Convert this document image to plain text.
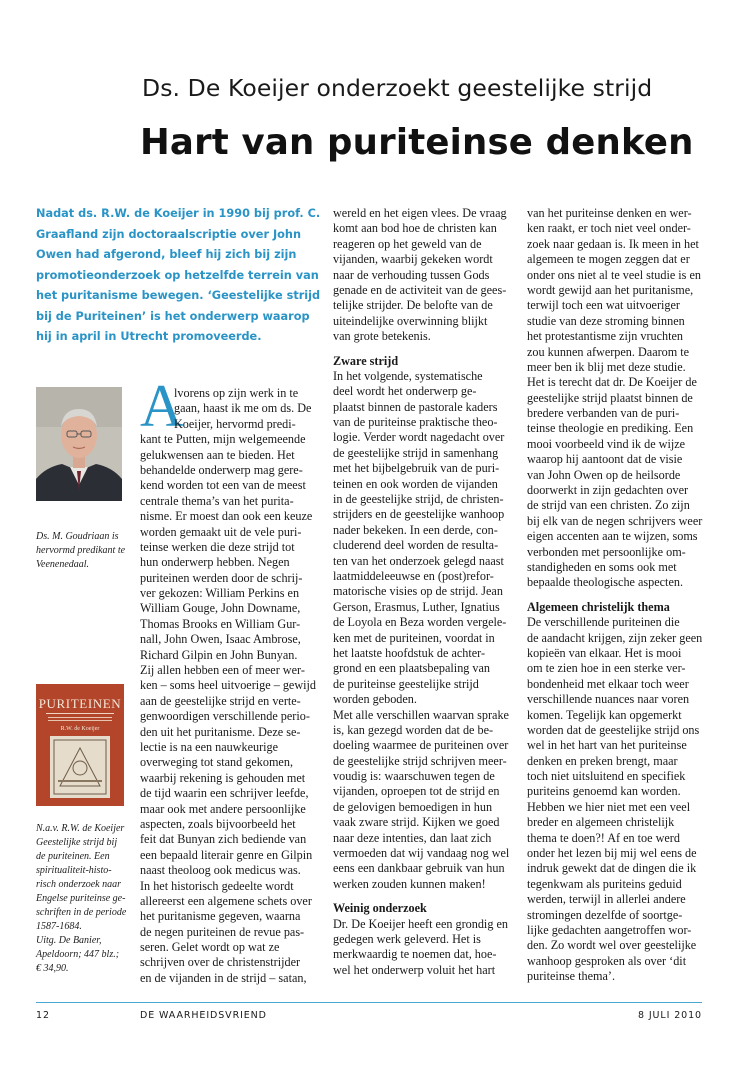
Ds. De Koeijer onderzoekt geestelijke strijd
Hart van puriteinse denken
Nadat ds. R.W. de Koeijer in 1990 bij prof. C.
Graafland zijn doctoraalscriptie over John
Owen had afgerond, bleef hij zich bij zijn
promotieonderzoek op hetzelfde terrein van
het puritanisme bewegen. ‘Geestelijke strijd
bij de Puriteinen’ is het onderwerp waarop
hij in april in Utrecht promoveerde.
Ds. M. Goudriaan is
hervormd predikant te
Veenenedaal.
PURITEINEN
R.W. de Koeijer
N.a.v. R.W. de Koeijer
Geestelijke strijd bij
de puriteinen. Een
spiritualiteit-histo-
risch onderzoek naar
Engelse puriteinse ge-
schriften in de periode
1587-1684.
Uitg. De Banier,
Apeldoorn; 447 blz.;
€ 34,90.
A
lvorens op zijn werk in te
gaan, haast ik me om ds. De
Koeijer, hervormd predi-
kant te Putten, mijn welgemeende
gelukwensen aan te bieden. Het
behandelde onderwerp mag gere-
kend worden tot een van de meest
centrale thema’s van het purita-
nisme. Er moest dan ook een keuze
worden gemaakt uit de vele puri-
teinse werken die deze strijd tot
hun onderwerp hebben. Negen
puriteinen werden door de schrij-
ver gekozen: William Perkins en
William Gouge, John Downame,
Thomas Brooks en William Gur-
nall, John Owen, Isaac Ambrose,
Richard Gilpin en John Bunyan.
Zij allen hebben een of meer wer-
ken – soms heel uitvoerige – gewijd
aan de geestelijke strijd en verte-
genwoordigen verschillende perio-
den uit het puritanisme. Deze se-
lectie is na een nauwkeurige
overweging tot stand gekomen,
waarbij rekening is gehouden met
de tijd waarin een schrijver leefde,
maar ook met andere persoonlijke
aspecten, zoals bijvoorbeeld het
feit dat Bunyan zich bediende van
een bepaald literair genre en Gilpin
naast theoloog ook medicus was.
In het historisch gedeelte wordt
allereerst een algemene schets over
het puritanisme gegeven, waarna
de negen puriteinen de revue pas-
seren. Gelet wordt op wat ze
schrijven over de christenstrijder
en de vijanden in de strijd – satan,
wereld en het eigen vlees. De vraag
komt aan bod hoe de christen kan
reageren op het geweld van de
vijanden, waarbij gekeken wordt
naar de verhouding tussen Gods
genade en de activiteit van de gees-
telijke strijder. De belofte van de
uiteindelijke overwinning blijkt
van grote betekenis.
Zware strijd
In het volgende, systematische
deel wordt het onderwerp ge-
plaatst binnen de pastorale kaders
van de puriteinse praktische theo-
logie. Verder wordt nagedacht over
de geestelijke strijd in samenhang
met het bijbelgebruik van de puri-
teinen en ook worden de vijanden
in de geestelijke strijd, de christen-
strijders en de geestelijke wanhoop
nader bekeken. In een derde, con-
cluderend deel worden de resulta-
ten van het onderzoek gelegd naast
laatmiddeleeuwse en (post)refor-
matorische visies op de strijd. Jean
Gerson, Erasmus, Luther, Ignatius
de Loyola en Beza worden vergele-
ken met de puriteinen, voordat in
het laatste hoofdstuk de achter-
grond en een plaatsbepaling van
de puriteinse geestelijke strijd
worden geboden.
Met alle verschillen waarvan sprake
is, kan gezegd worden dat de be-
doeling waarmee de puriteinen over
de geestelijke strijd schrijven meer-
voudig is: waarschuwen tegen de
vijanden, oproepen tot de strijd en
de gelovigen bemoedigen in hun
vaak zware strijd. Kijken we goed
naar deze intenties, dan laat zich
vermoeden dat wij vandaag nog wel
eens een dankbaar gebruik van hun
werken zouden kunnen maken!
Weinig onderzoek
Dr. De Koeijer heeft een grondig en
gedegen werk geleverd. Het is
merkwaardig te noemen dat, hoe-
wel het onderwerp voluit het hart
van het puriteinse denken en wer-
ken raakt, er toch niet veel onder-
zoek naar gedaan is. Ik meen in het
algemeen te mogen zeggen dat er
onder ons niet al te veel studie is en
wordt gewijd aan het puritanisme,
terwijl toch een wat uitvoeriger
studie van deze stroming binnen
het protestantisme zijn vruchten
zou kunnen afwerpen. Daarom te
meer ben ik blij met deze studie.
Het is terecht dat dr. De Koeijer de
geestelijke strijd plaatst binnen de
bredere verbanden van de puri-
teinse theologie en prediking. Een
mooi voorbeeld vind ik de wijze
waarop hij aantoont dat de visie
van John Owen op de heilsorde
doorwerkt in zijn gedachten over
de strijd van een christen. Zo zijn
bij elk van de negen schrijvers weer
eigen accenten aan te wijzen, soms
verbonden met persoonlijke om-
standigheden en soms ook met
bepaalde theologische aspecten.
Algemeen christelijk thema
De verschillende puriteinen die
de aandacht krijgen, zijn zeker geen
kopieën van elkaar. Het is mooi
om te zien hoe in een sterke ver-
bondenheid met elkaar toch weer
verschillende nuances naar voren
komen. Tegelijk kan opgemerkt
worden dat de geestelijke strijd ons
wel in het hart van het puriteinse
denken en preken brengt, maar
toch niet uitsluitend en specifiek
puriteins genoemd kan worden.
Hebben we hier niet met een veel
breder en algemeen christelijk
thema te doen?! Af en toe werd
onder het lezen bij mij wel eens de
indruk gewekt dat de dingen die ik
tegenkwam als puriteins geduid
werden, terwijl in allerlei andere
stromingen dezelfde of soortge-
lijke gedachten aangetroffen wor-
den. Zo wordt wel over geestelijke
wanhoop gesproken als over ‘dit
puriteinse thema’.
12	DE WAARHEIDSVRIEND	8 JULI 2010
